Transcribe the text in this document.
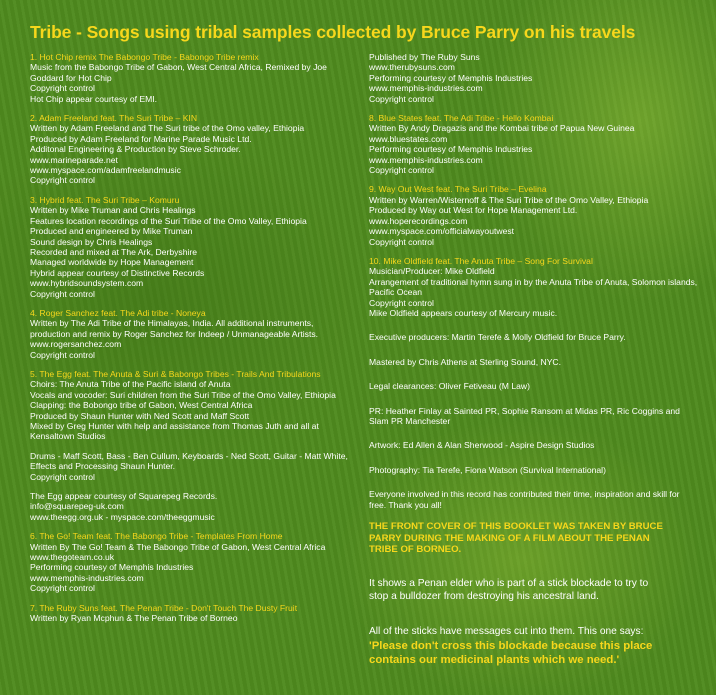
Tribe - Songs using tribal samples collected by Bruce Parry on his travels
1. Hot Chip remix The Babongo Tribe - Babongo Tribe remix
Music from the Babongo Tribe of Gabon, West Central Africa, Remixed by Joe Goddard for Hot Chip
Copyright control
Hot Chip appear courtesy of EMI.
2. Adam Freeland feat. The Suri Tribe – KIN
Written by Adam Freeland and The Suri tribe of the Omo valley, Ethiopia
Produced by Adam Freeland for Marine Parade Music Ltd.
Additonal Engineering & Production by Steve Schroder.
www.marineparade.net
www.myspace.com/adamfreelandmusic
Copyright control
3. Hybrid feat. The Suri Tribe – Komuru
Written by Mike Truman and Chris Healings
Features location recordings of the Suri Tribe of the Omo Valley, Ethiopia
Produced and engineered by Mike Truman
Sound design by Chris Healings
Recorded and mixed at The Ark, Derbyshire
Managed worldwide by Hope Management
Hybrid appear courtesy of Distinctive Records
www.hybridsoundsystem.com
Copyright control
4. Roger Sanchez feat. The Adi tribe - Noneya
Written by The Adi Tribe of the Himalayas, India. All additional instruments, production and remix by Roger Sanchez for Indeep / Unmanageable Artists.
www.rogersanchez.com
Copyright control
5. The Egg feat. The Anuta & Suri & Babongo Tribes - Trails And Tribulations
Choirs: The Anuta Tribe of the Pacific island of Anuta
Vocals and vocoder: Suri children from the Suri Tribe of the Omo Valley, Ethiopia
Clapping: the Bobongo tribe of Gabon, West Central Africa
Produced by Shaun Hunter with Ned Scott and Maff Scott
Mixed by Greg Hunter with help and assistance from Thomas Juth and all at Kensaltown Studios
Drums - Maff Scott, Bass - Ben Cullum, Keyboards - Ned Scott, Guitar - Matt White, Effects and Processing Shaun Hunter.
Copyright control
The Egg appear courtesy of Squarepeg Records.
info@squarepeg-uk.com
www.theegg.org.uk - myspace.com/theeggmusic
6. The Go! Team feat. The Babongo Tribe - Templates From Home
Written By The Go! Team & The Babongo Tribe of Gabon, West Central Africa
www.thegoteam.co.uk
Performing courtesy of Memphis Industries
www.memphis-industries.com
Copyright control
7. The Ruby Suns feat. The Penan Tribe - Don't Touch The Dusty Fruit
Written by Ryan Mcphun & The Penan Tribe of Borneo
Published by The Ruby Suns
www.therubysuns.com
Performing courtesy of Memphis Industries
www.memphis-industries.com
Copyright control
8. Blue States feat. The Adi Tribe - Hello Kombai
Written By Andy Dragazis and the Kombai tribe of Papua New Guinea
www.bluestates.com
Performing courtesy of Memphis Industries
www.memphis-industries.com
Copyright control
9. Way Out West feat. The Suri Tribe – Evelina
Written by Warren/Wisternoff & The Suri Tribe of the Omo Valley, Ethiopia
Produced by Way out West for Hope Management Ltd.
www.hoperecordings.com
www.myspace.com/officialwayoutwest
Copyright control
10. Mike Oldfield feat. The Anuta Tribe – Song For Survival
Musician/Producer: Mike Oldfield
Arrangement of traditional hymn sung in by the Anuta Tribe of Anuta, Solomon islands, Pacific Ocean
Copyright control
Mike Oldfield appears courtesy of Mercury music.
Executive producers: Martin Terefe & Molly Oldfield for Bruce Parry.
Mastered by Chris Athens at Sterling Sound, NYC.
Legal clearances: Oliver Fetiveau (M Law)
PR: Heather Finlay at Sainted PR, Sophie Ransom at Midas PR, Ric Coggins and Slam PR Manchester
Artwork: Ed Allen & Alan Sherwood - Aspire Design Studios
Photography: Tia Terefe, Fiona Watson (Survival International)
Everyone involved in this record has contributed their time, inspiration and skill for free. Thank you all!
THE FRONT COVER OF THIS BOOKLET WAS TAKEN BY BRUCE PARRY DURING THE MAKING OF A FILM ABOUT THE PENAN TRIBE OF BORNEO.
It shows a Penan elder who is part of a stick blockade to try to stop a bulldozer from destroying his ancestral land.
All of the sticks have messages cut into them. This one says:
'Please don't cross this blockade because this place contains our medicinal plants which we need.'
